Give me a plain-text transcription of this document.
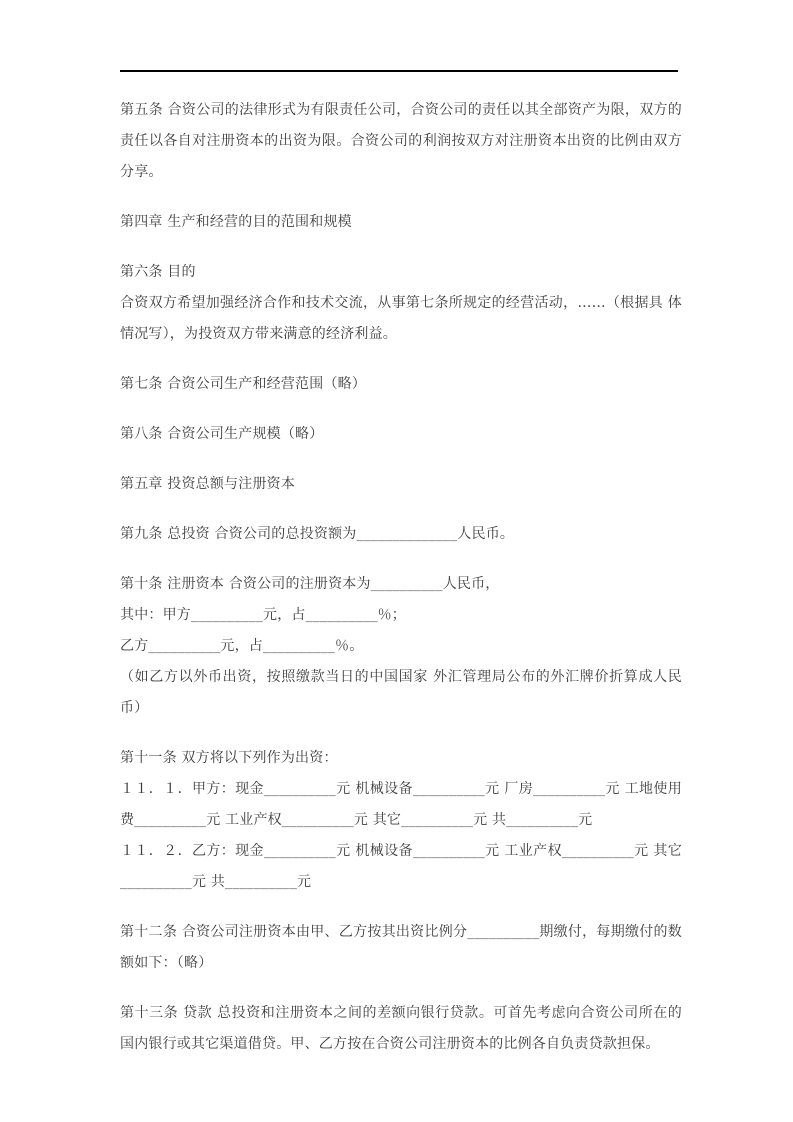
第五条 合资公司的法律形式为有限责任公司，合资公司的责任以其全部资产为限，双方的责任以各自对注册资本的出资为限。合资公司的利润按双方对注册资本出资的比例由双方分享。
第四章 生产和经营的目的范围和规模
第六条 目的
合资双方希望加强经济合作和技术交流，从事第七条所规定的经营活动，……（根据具 体情况写），为投资双方带来满意的经济利益。
第七条 合资公司生产和经营范围（略）
第八条 合资公司生产规模（略）
第五章 投资总额与注册资本
第九条 总投资 合资公司的总投资额为______________人民币。
第十条 注册资本 合资公司的注册资本为__________人民币，
其中：甲方__________元，占__________％；
乙方__________元，占__________％。
（如乙方以外币出资，按照缴款当日的中国国家 外汇管理局公布的外汇牌价折算成人民币）
第十一条 双方将以下列作为出资：
１１．１．甲方：现金__________元 机械设备__________元 厂房__________元 工地使用费__________元 工业产权__________元 其它__________元 共__________元
１１．２．乙方：现金__________元 机械设备__________元 工业产权__________元 其它__________元 共__________元
第十二条 合资公司注册资本由甲、乙方按其出资比例分__________期缴付，每期缴付的数额如下：（略）
第十三条 贷款 总投资和注册资本之间的差额向银行贷款。可首先考虑向合资公司所在的国内银行或其它渠道借贷。甲、乙方按在合资公司注册资本的比例各自负责贷款担保。
